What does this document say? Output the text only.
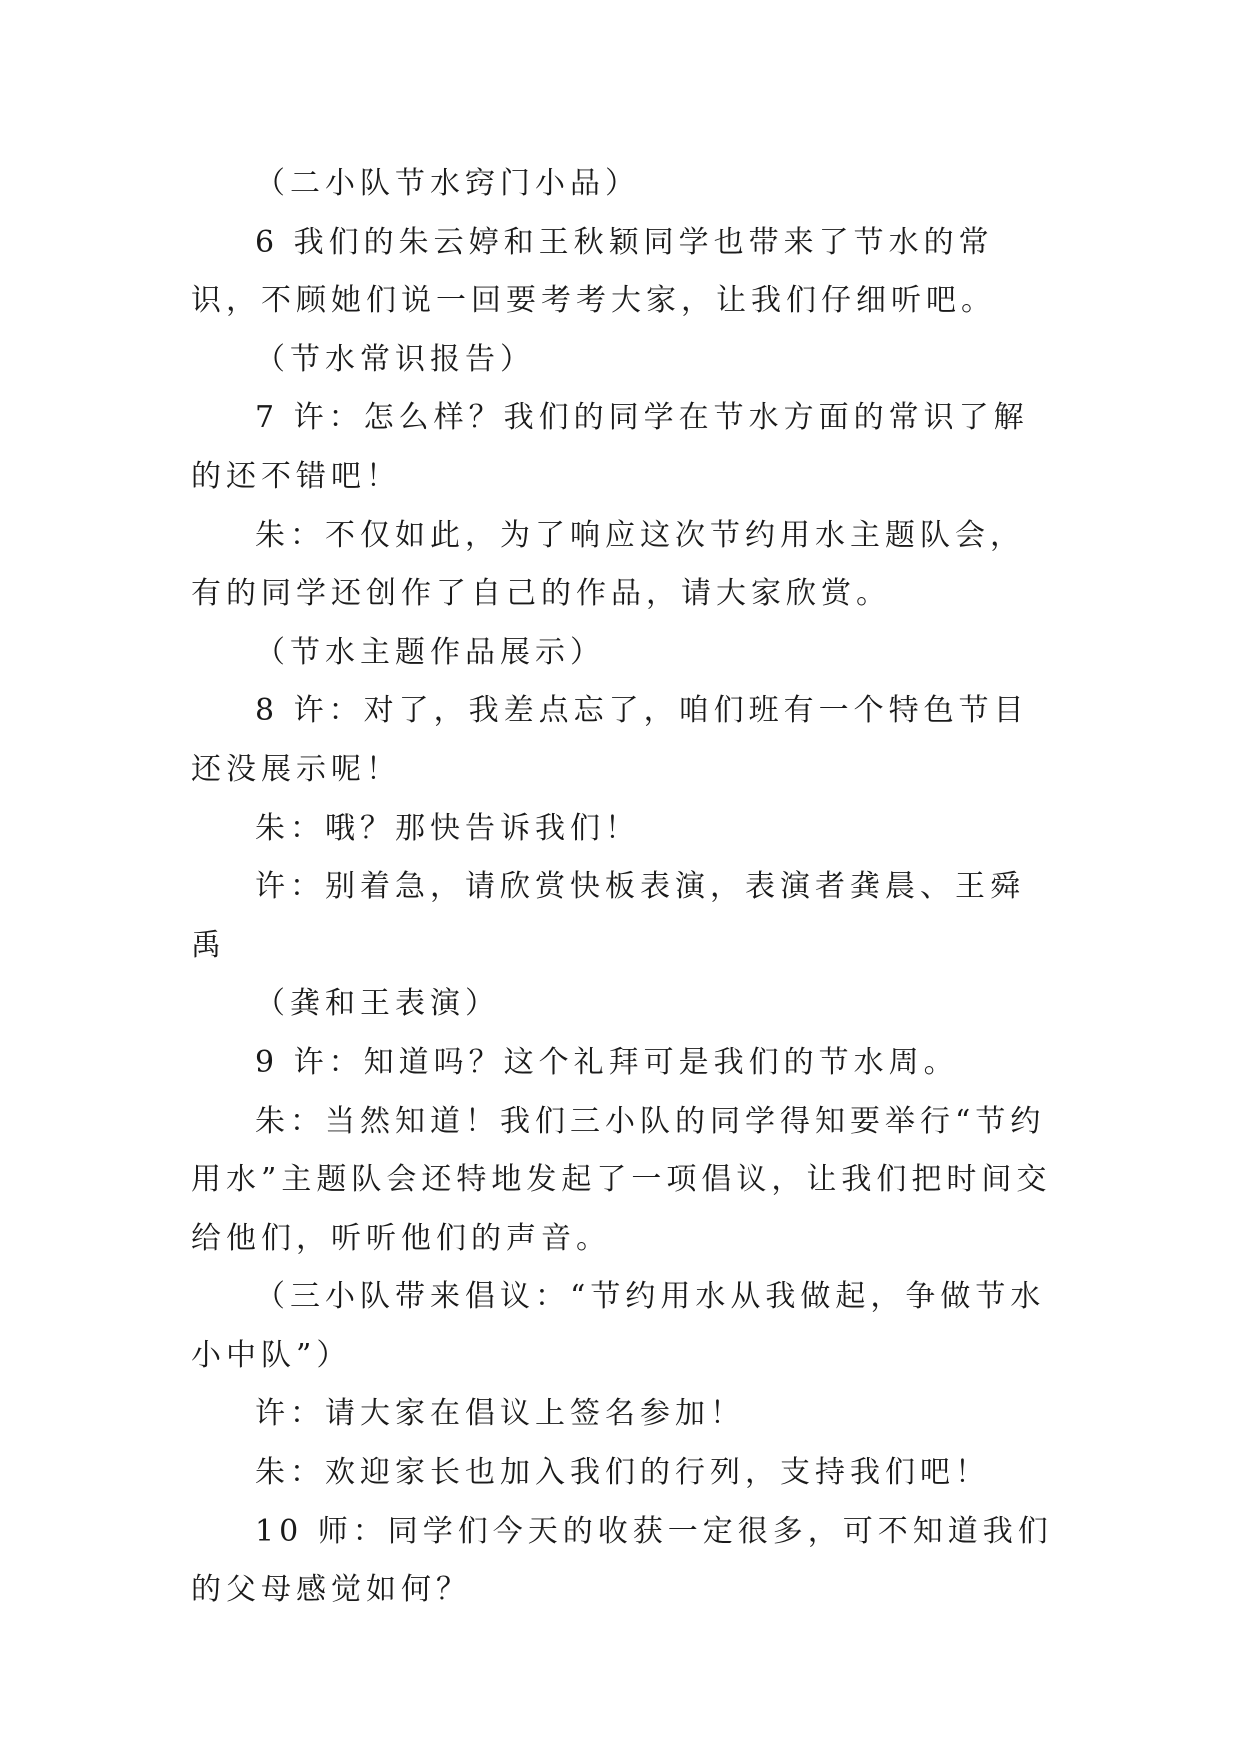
（二小队节水窍门小品）

6 我们的朱云婷和王秋颖同学也带来了节水的常识，不顾她们说一回要考考大家，让我们仔细听吧。

（节水常识报告）

7 许：怎么样？我们的同学在节水方面的常识了解的还不错吧！

朱：不仅如此，为了响应这次节约用水主题队会，有的同学还创作了自己的作品，请大家欣赏。

（节水主题作品展示）

8 许：对了，我差点忘了，咱们班有一个特色节目还没展示呢！

朱：哦？那快告诉我们！

许：别着急，请欣赏快板表演，表演者龚晨、王舜禹

（龚和王表演）

9 许：知道吗？这个礼拜可是我们的节水周。

朱：当然知道！我们三小队的同学得知要举行“节约用水”主题队会还特地发起了一项倡议，让我们把时间交给他们，听听他们的声音。

（三小队带来倡议：“节约用水从我做起，争做节水小中队”）

许：请大家在倡议上签名参加！

朱：欢迎家长也加入我们的行列，支持我们吧！

10 师：同学们今天的收获一定很多，可不知道我们的父母感觉如何？
